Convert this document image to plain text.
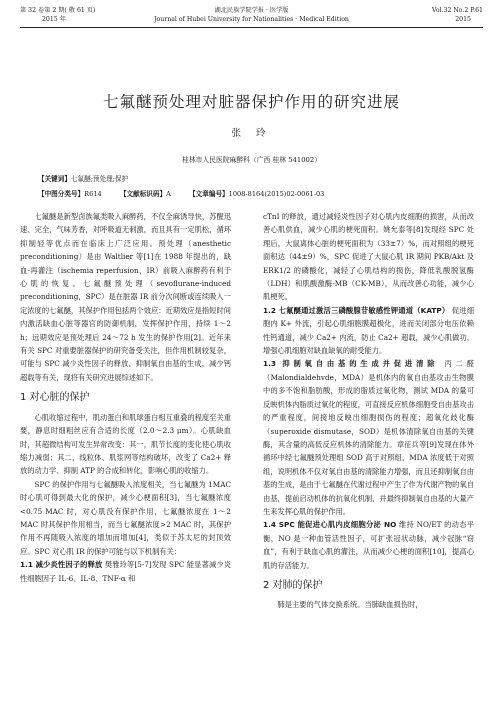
第 32 卷第 2 期( 敬 61 页)
2015 年
湖北民族学院学报 · 医学版
Journal of Hubei University for Nationalities · Medical Edition
Vol.32 No.2 P.61
2015
七氟醚预处理对脏器保护作用的研究进展
张 玲
桂林市人民医院麻醉科（广西 桂林 541002）
【关键词】七氟醚;预处理;保护
【中图分类号】R614	【文献标识码】A	【文章编号】1008-8164(2015)02-0061-03

七氟醚是新型卤族氟类吸入麻醉药，不仅全麻诱导快，苏醒迅速、完全，气味芳香，对呼吸道无刺激，而且具有一定肌松，循环抑制轻等优点而在临床上广泛应用。预处理（anesthetic preconditioning）是由 Waltlier 等[1]在 1988 年提出的，缺血-再灌注（ischemia reperfusion，IR）前吸入麻醉药有利于心肌的恢复。七氟醚预处理（sevoflurane-induced preconditioning，SPC）是在脏器 IR 前分次间断或连续吸入一定浓度的七氟醚，其保护作用包括两个效应：近期效应是指短时间内激活缺血心脏等器官的防御机制，发挥保护作用，持续 1～2 h；远期效应是预处理后 24～72 h 发生的保护作用[2]。近年来有关 SPC 对重要脏器保护的研究备受关注，但作用机制较复杂，可能与 SPC 减少炎性因子的释放、抑制氧自由基的生成，减少钙超载等有关，现将有关研究进展综述如下。

1 对心脏的保护

心肌收缩过程中，肌动蛋白和肌球蛋白相互重叠的程度至关重要，静息时细粗丝应有合适的长度（2.0～2.3 μm）。心肌缺血时，其超微结构可发生异常改变：其一，肌节长度的变化使心肌收缩力减弱；其二，线粒体、肌浆网等结构破坏，改变了 Ca2+ 释放的动力学、抑制 ATP 的合成和转化，影响心肌的收缩力。

SPC 的保护作用与七氟醚吸入浓度相关，当七氟醚为 1MAC 时心肌可得到最大化的保护，减少心梗面积[3]，当七氟醚浓度<0.75 MAC 时，对心肌没有保护作用，七氟醚浓度在 1～2 MAC 时其保护作用相当，而当七氟醚浓度>2 MAC 时，其保护作用不再随吸入浓度的增加而增加[4]，类似于苏太尼的封顶效应。SPC 对心肌 IR 的保护可能与以下机制有关：

1.1 减少炎性因子的释放 樊雅玲等[5-7]发现 SPC 能显著减少炎性细胞因子 IL-6、IL-8、TNF-α 和

cTnI 的释放，通过减轻炎性因子对心肌内皮细胞的损害，从而改善心肌供血，减少心肌的梗死面积。姚允泰等[8]发现经 SPC 处理后，大鼠离体心脏的梗死面积为（33±7）%，而对照组的梗死面积达（44±9）%，SPC 促进了大鼠心肌 IR 期间 PKB/Akt 及 ERK1/2 的磷酸化，减轻了心肌结构的损伤，降低乳酸脱氢酶（LDH）和肌酸激酶-MB（CK-MB），从而改善心功能，减少心肌梗死。

1.2 七氟醚通过激活三磷酸腺苷敏感性钾通道（KATP） 促进细胞内 K+ 外流，引起心肌细胞膜超极化，进而关闭部分电压依赖性钙通道，减少 Ca2+ 内流，防止 Ca2+ 超载，减少心肌做功，增强心肌细胞对缺血缺氧的耐受能力。

1.3 抑制氧自由基的生成并促进清除 丙二醛（Malondialdehvde，MDA）是机体内的氧自由基攻击生物膜中的多不饱和脂肪酸，形成的脂质过氧化物，测试 MDA 的量可反映机体内脂质过氧化的程度，可直接反应机体细胞受自由基攻击的严重程度，间接地反映出细胞损伤的程度；超氧化歧化酶（superoxide dismutase，SOD）是机体清除氧自由基的关键酶，其含量的高低反应机体的清除能力。章征兵等[9]发现在体外循环中经七氟醚预处理组 SOD 高于对照组，MDA 浓度低于对照组，说明机体不仅对氧自由基的清除能力增强，而且还抑制氧自由基的生成，是由于七氟醚在代谢过程中产生了作为代谢产物的氧自由基，提前启动机体的抗氧化机制，并最终抑制氧自由基的大量产生来发挥心肌的保护作用。

1.4 SPC 能促进心肌内皮细胞分泌 NO 维持 NO/ET 的动态平衡，NO 是一种血管活性因子，可扩张冠状动脉，减少冠脉“窃血”，有利于缺血心肌的灌注，从而减少心梗的面积[10]，提高心肌的存活能力。

2 对肺的保护

肺是主要的气体交换系统。当肺缺血损伤时，
